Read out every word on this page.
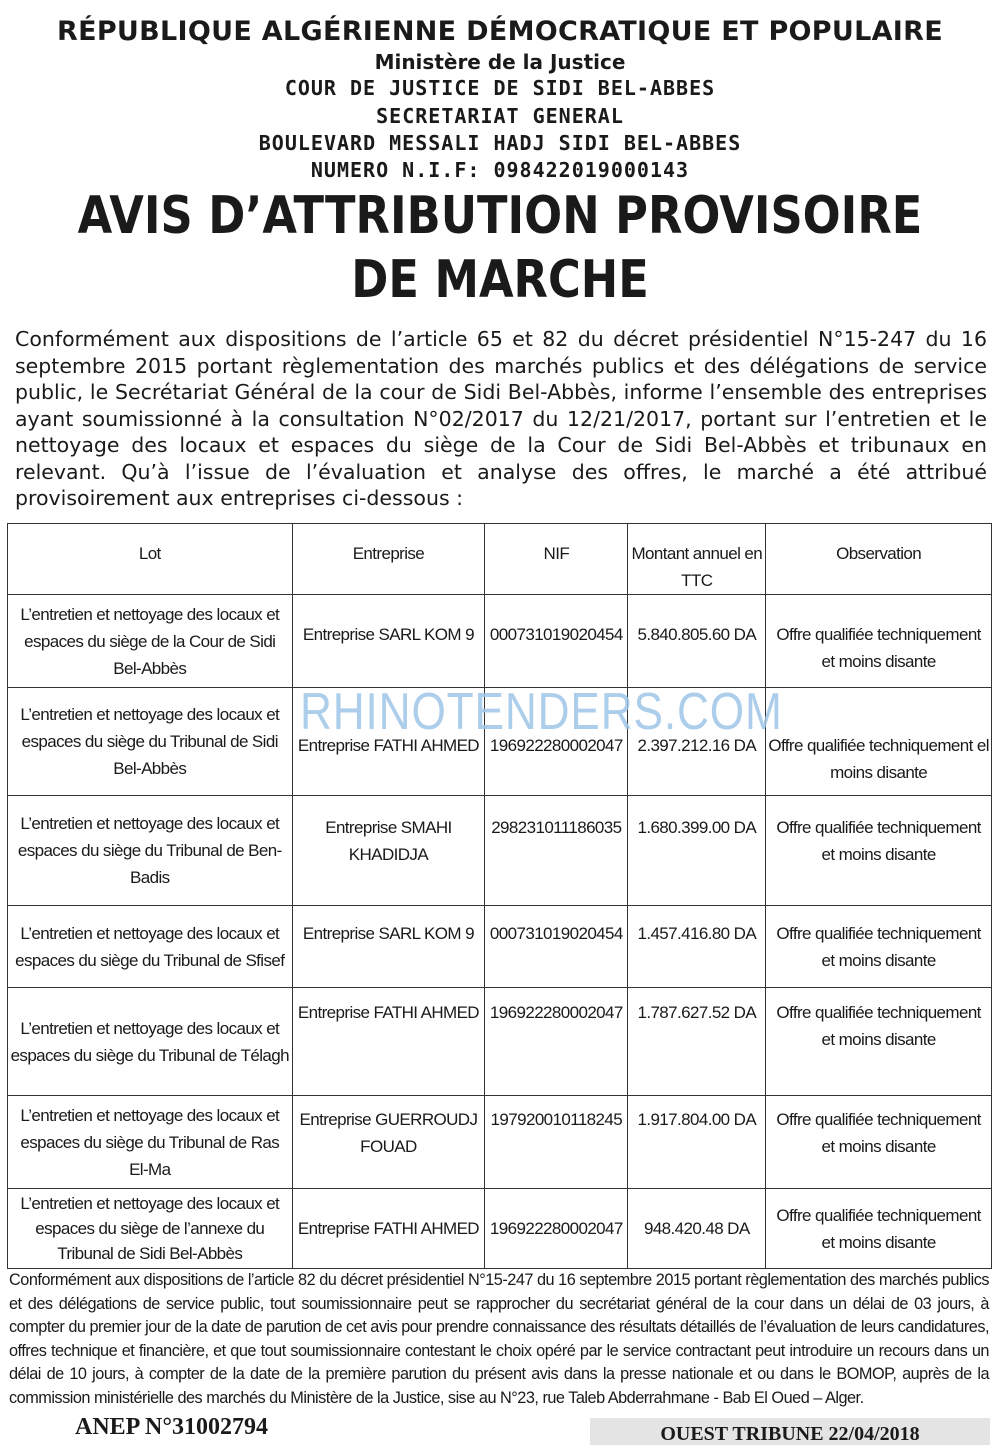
RÉPUBLIQUE ALGÉRIENNE DÉMOCRATIQUE ET POPULAIRE
Ministère de la Justice
COUR DE JUSTICE DE SIDI BEL-ABBES
SECRETARIAT GENERAL
BOULEVARD MESSALI HADJ SIDI BEL-ABBES
NUMERO N.I.F: 098422019000143
AVIS D’ATTRIBUTION PROVISOIRE
DE MARCHE
Conformément aux dispositions de l’article 65 et 82 du décret présidentiel N°15-247 du 16 septembre 2015 portant règlementation des marchés publics et des délégations de service public, le Secrétariat Général de la cour de Sidi Bel-Abbès, informe l’ensemble des entreprises ayant soumissionné à la consultation N°02/2017 du 12/21/2017, portant sur l’entretien et le nettoyage des locaux et espaces du siège de la Cour de Sidi Bel-Abbès et tribunaux en relevant. Qu’à l’issue de l’évaluation et analyse des offres, le marché a été attribué provisoirement aux entreprises ci-dessous :
Lot	Entreprise	NIF	Montant annuel en TTC	Observation
L’entretien et nettoyage des locaux et espaces du siège de la Cour de Sidi Bel-Abbès	Entreprise SARL KOM 9	000731019020454	5.840.805.60 DA	Offre qualifiée techniquement et moins disante
L’entretien et nettoyage des locaux et espaces du siège du Tribunal de Sidi Bel-Abbès	Entreprise FATHI AHMED	196922280002047	2.397.212.16 DA	Offre qualifiée techniquement el moins disante
L’entretien et nettoyage des locaux et espaces du siège du Tribunal de Ben-Badis	Entreprise SMAHI KHADIDJA	298231011186035	1.680.399.00 DA	Offre qualifiée techniquement et moins disante
L’entretien et nettoyage des locaux et espaces du siège du Tribunal de Sfisef	Entreprise SARL KOM 9	000731019020454	1.457.416.80 DA	Offre qualifiée techniquement et moins disante
L’entretien et nettoyage des locaux et espaces du siège du Tribunal de Télagh	Entreprise FATHI AHMED	196922280002047	1.787.627.52 DA	Offre qualifiée techniquement et moins disante
L’entretien et nettoyage des locaux et espaces du siège du Tribunal de Ras El-Ma	Entreprise GUERROUDJ FOUAD	197920010118245	1.917.804.00 DA	Offre qualifiée techniquement et moins disante
L’entretien et nettoyage des locaux et espaces du siège de l’annexe du Tribunal de Sidi Bel-Abbès	Entreprise FATHI AHMED	196922280002047	948.420.48 DA	Offre qualifiée techniquement et moins disante
RHINOTENDERS.COM
Conformément aux dispositions de l’article 82 du décret présidentiel N°15-247 du 16 septembre 2015 portant règlementation des marchés publics et des délégations de service public, tout soumissionnaire peut se rapprocher du secrétariat général de la cour dans un délai de 03 jours, à compter du premier jour de la date de parution de cet avis pour prendre connaissance des résultats détaillés de l’évaluation de leurs candidatures, offres technique et financière, et que tout soumissionnaire contestant le choix opéré par le service contractant peut introduire un recours dans un délai de 10 jours, à compter de la date de la première parution du présent avis dans la presse nationale et ou dans le BOMOP, auprès de la commission ministérielle des marchés du Ministère de la Justice, sise au N°23, rue Taleb Abderrahmane - Bab El Oued – Alger.
ANEP N°31002794	OUEST TRIBUNE 22/04/2018
